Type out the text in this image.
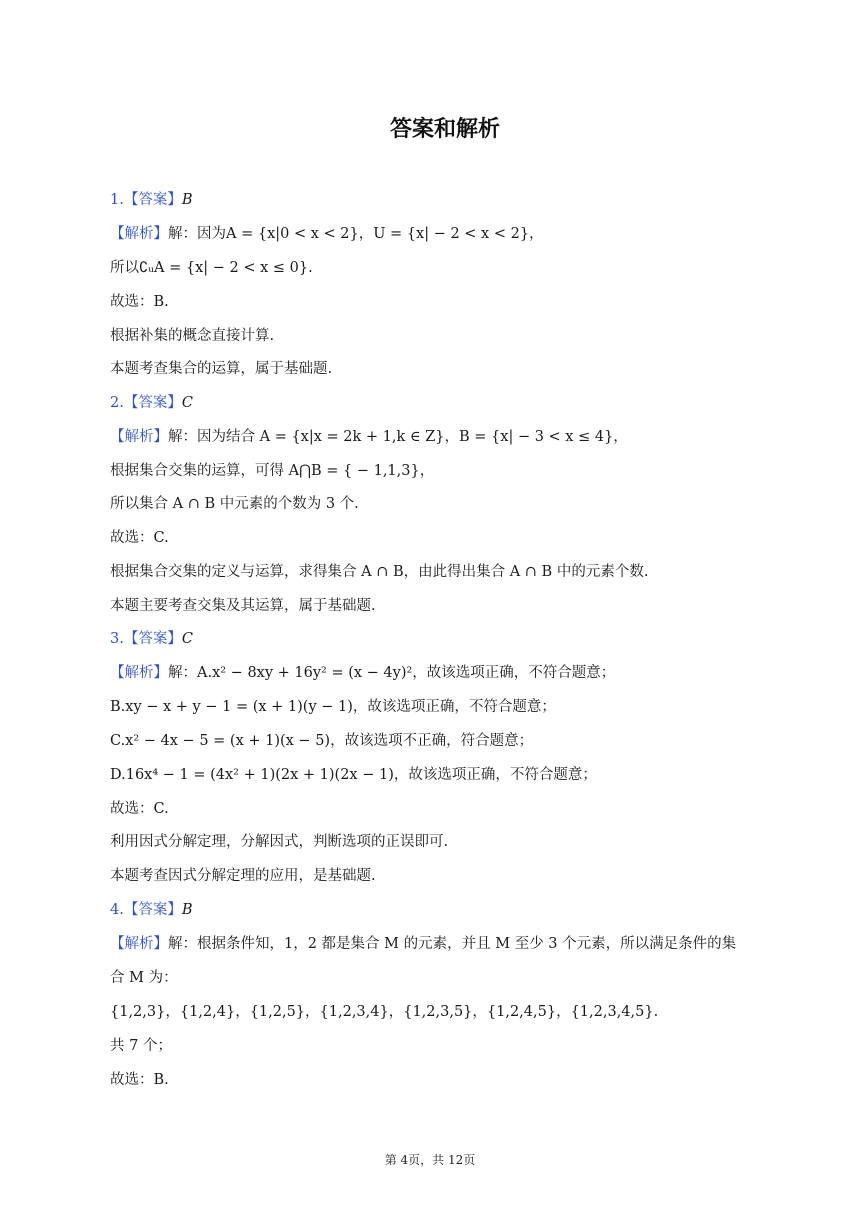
答案和解析
1.【答案】B
【解析】解：因为A = {x|0 < x < 2}，U = {x| − 2 < x < 2}，
所以∁ᵤA = {x| − 2 < x ≤ 0}.
故选：B.
根据补集的概念直接计算.
本题考查集合的运算，属于基础题.
2.【答案】C
【解析】解：因为结合 A = {x|x = 2k + 1,k ∈ Z}，B = {x| − 3 < x ≤ 4}，
根据集合交集的运算，可得 A⋂B = { − 1,1,3}，
所以集合 A ∩ B 中元素的个数为 3 个.
故选：C.
根据集合交集的定义与运算，求得集合 A ∩ B，由此得出集合 A ∩ B 中的元素个数.
本题主要考查交集及其运算，属于基础题.
3.【答案】C
【解析】解：A.x² − 8xy + 16y² = (x − 4y)²，故该选项正确，不符合题意；
B.xy − x + y − 1 = (x + 1)(y − 1)，故该选项正确，不符合题意；
C.x² − 4x − 5 = (x + 1)(x − 5)，故该选项不正确，符合题意；
D.16x⁴ − 1 = (4x² + 1)(2x + 1)(2x − 1)，故该选项正确，不符合题意；
故选：C.
利用因式分解定理，分解因式，判断选项的正误即可.
本题考查因式分解定理的应用，是基础题.
4.【答案】B
【解析】解：根据条件知，1，2 都是集合 M 的元素，并且 M 至少 3 个元素，所以满足条件的集
合 M 为：
{1,2,3}，{1,2,4}，{1,2,5}，{1,2,3,4}，{1,2,3,5}，{1,2,4,5}，{1,2,3,4,5}.
共 7 个；
故选：B.
第 4页，共 12页
